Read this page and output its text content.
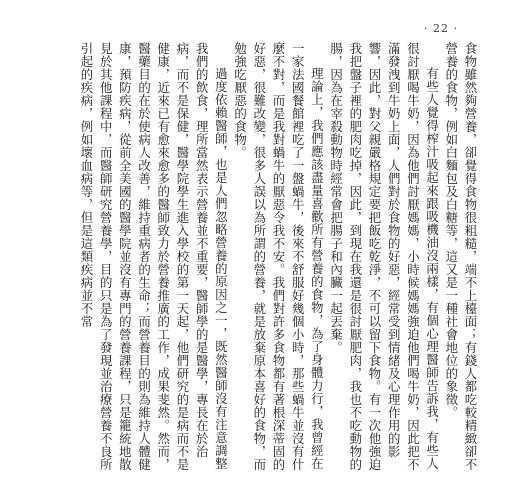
· 22 ·

食物雖然夠營養，卻覺得食物很粗糙，端不上檯面；有錢人都吃較精緻卻不營養的食物，例如白麵包及白糖等，這又是一種社會地位的象徵。

有些人覺得榨汁吸起來跟吸機油沒兩樣，有個心理醫師告訴我，有些人很討厭喝牛奶，因為他們討厭媽媽，小時候媽媽強迫他們喝牛奶，因此把不滿發洩到牛奶上面，人們對於食物的好惡，經常受到情緒及心理作用的影響，因此，對父親嚴格規定要把飯吃乾淨，不可以留下食物。有一次他強迫我把盤子裡的肥肉吃掉，因此，到現在我還是很討厭肥肉，我也不吃動物的腸，因為在宰殺動物時經常會把腸子和內臟一起丟棄。

理論上，我們應該盡量喜歡所有營養的食物，為了身體力行，我曾經在一家法國餐館裡吃了一盤蝸牛，後來不舒服好幾個小時，那些蝸牛並沒有什麼不對，而是我對蝸牛的厭惡令我不安。我們對許多食物都有著根深蒂固的好惡，很難改變，很多人誤以為所謂的營養，就是放棄原本喜好的食物，而勉強吃厭惡的食物。

過度依賴醫師，也是人們忽略營養的原因之一，既然醫師沒有注意調整我們的飲食，理所當然表示營養並不重要，醫師學的是醫學，專長在於治病，而不是保健，醫學院學生進入學校的第一天起，他們研究的是病而不是健康，近來已有愈來愈多的醫師致力於營養推廣的工作，成果斐然。然而，醫藥目的在於使病人改善，維持重病者的生命；而營養目的則為維持人體健康，預防疾病，從前全美國的醫學院並沒有專門的營養課程，只是籠統地散見於其他課程中，而醫師研究營養學，目的只是為了發現並治療營養不良所引起的疾病，例如壞血病等，但是這類疾病並不常
